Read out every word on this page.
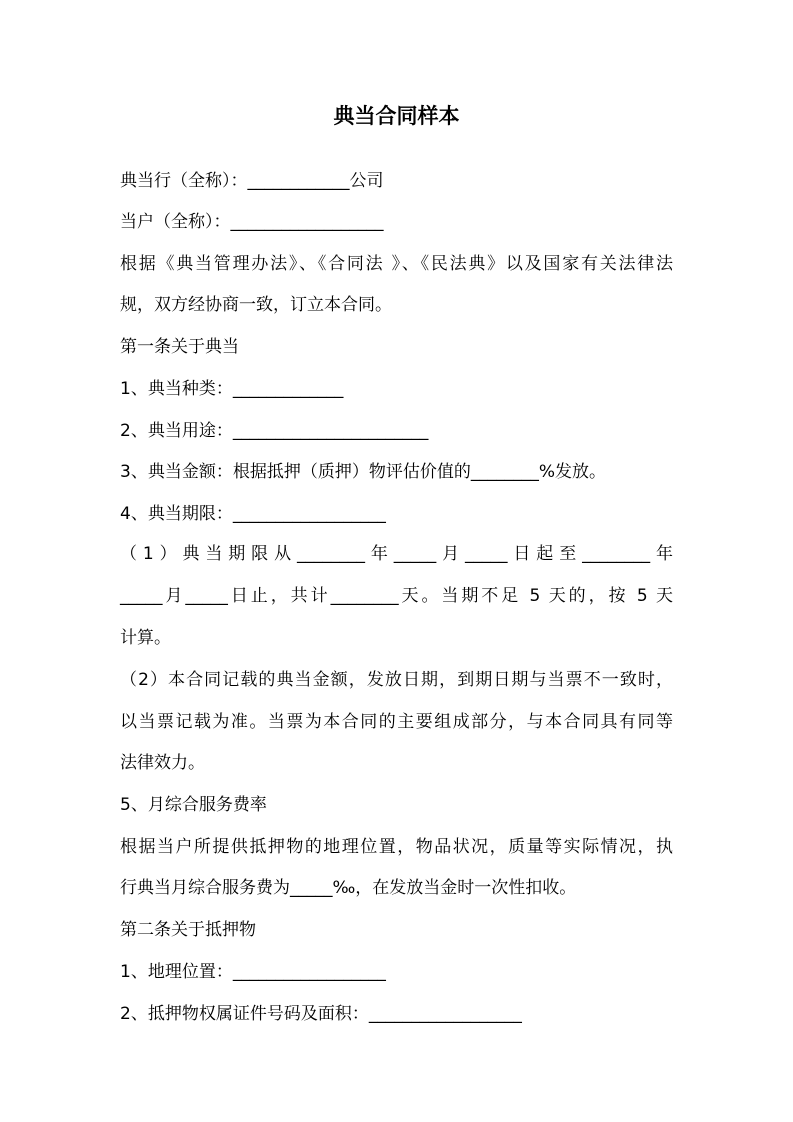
典当合同样本
典当行（全称）：____________公司
当户（全称）：__________________
根据《典当管理办法》、《合同法 》、《民法典》以及国家有关法律法
规，双方经协商一致，订立本合同。
第一条关于典当
1、典当种类：_____________
2、典当用途：_______________________
3、典当金额：根据抵押（质押）物评估价值的________%发放。
4、典当期限：__________________
（1）典当期限从________年_____月_____日起至________年
_____月_____日止，共计________天。当期不足 5 天的，按 5 天
计算。
（2）本合同记载的典当金额，发放日期，到期日期与当票不一致时，
以当票记载为准。当票为本合同的主要组成部分，与本合同具有同等
法律效力。
5、月综合服务费率
根据当户所提供抵押物的地理位置，物品状况，质量等实际情况，执
行典当月综合服务费为_____‰，在发放当金时一次性扣收。
第二条关于抵押物
1、地理位置：__________________
2、抵押物权属证件号码及面积：__________________
